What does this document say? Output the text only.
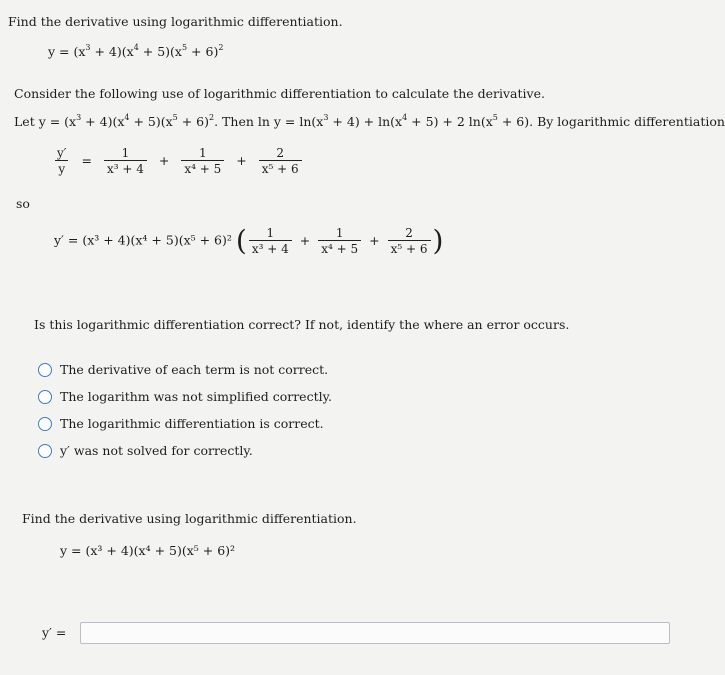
Find the derivative using logarithmic differentiation.
$y = (x^3 + 4)(x^4 + 5)(x^5 + 6)^2$
Consider the following use of logarithmic differentiation to calculate the derivative.
Let $y = (x^3 + 4)(x^4 + 5)(x^5 + 6)^2$. Then $\ln y = \ln(x^3 + 4) + \ln(x^4 + 5) + 2$ $\ln(x^5 + 6)$. By logarithmic differentiation
$\frac{y'}{y} = \frac{1}{\text{x³ + 4}} + \frac{1}{\text{x⁴ + 5}} + \frac{2}{\text{x⁵ + 6}}$
so
y′ = (x³ + 4)(x⁴ + 5)(x⁵ + 6)² ( $\frac{1}{\text{x³ + 4}} + \frac{1}{\text{x⁴ + 5}} + \frac{2}{\text{x⁵ + 6}}$ )
Is this logarithmic differentiation correct? If not, identify the where an error occurs.
The derivative of each term is not correct.
The logarithm was not simplified correctly.
The logarithmic differentiation is correct.
y′ was not solved for correctly.
Find the derivative using logarithmic differentiation.
y = (x³ + 4)(x⁴ + 5)(x⁵ + 6)²
y′ =
